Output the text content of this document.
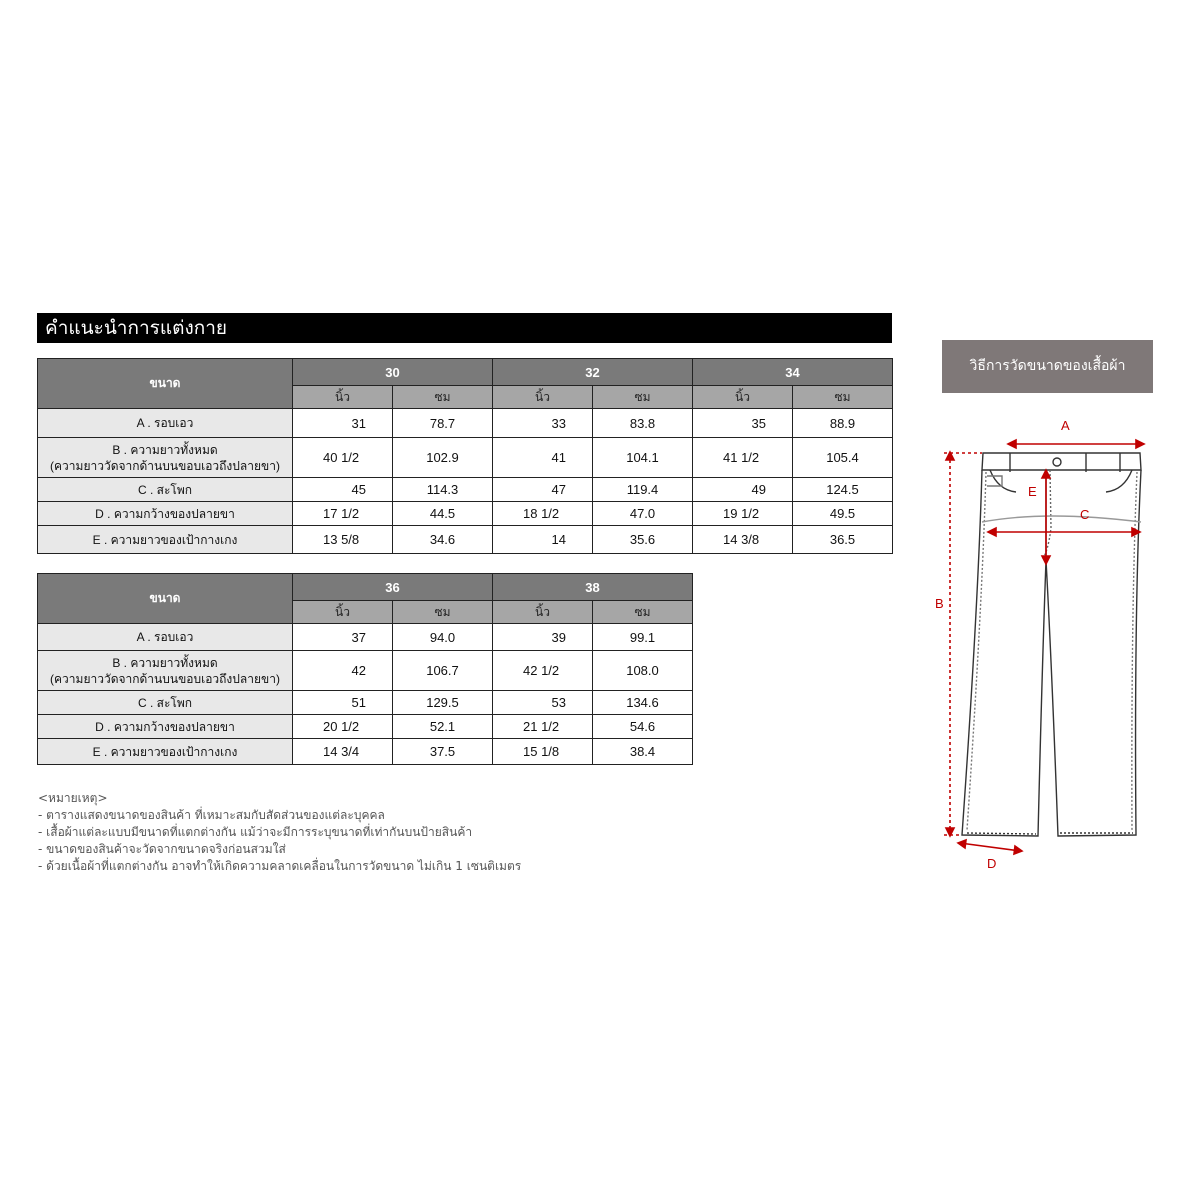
คำแนะนำการแต่งกาย
ขนาด	30		32		34	
	นิ้ว	ซม	นิ้ว	ซม	นิ้ว	ซม
A . รอบเอว	31	78.7	33	83.8	35	88.9

B . ความยาวทั้งหมด
(ความยาววัดจากด้านบนขอบเอวถึงปลายขา)	40 1/2	102.9	41	104.1	41 1/2	105.4
C . สะโพก	45	114.3	47	119.4	49	124.5
D . ความกว้างของปลายขา	17 1/2	44.5	18 1/2	47.0	19 1/2	49.5
E . ความยาวของเป้ากางเกง	13 5/8	34.6	14	35.6	14 3/8	36.5
ขนาด	36		38	
	นิ้ว	ซม	นิ้ว	ซม
A . รอบเอว	37	94.0	39	99.1

B . ความยาวทั้งหมด
(ความยาววัดจากด้านบนขอบเอวถึงปลายขา)	42	106.7	42 1/2	108.0
C . สะโพก	51	129.5	53	134.6
D . ความกว้างของปลายขา	20 1/2	52.1	21 1/2	54.6
E . ความยาวของเป้ากางเกง	14 3/4	37.5	15 1/8	38.4
<หมายเหตุ>
- ตารางแสดงขนาดของสินค้า ที่เหมาะสมกับสัดส่วนของแต่ละบุคคล
- เสื้อผ้าแต่ละแบบมีขนาดที่แตกต่างกัน แม้ว่าจะมีการระบุขนาดที่เท่ากันบนป้ายสินค้า
- ขนาดของสินค้าจะวัดจากขนาดจริงก่อนสวมใส่
- ด้วยเนื้อผ้าที่แตกต่างกัน อาจทำให้เกิดความคลาดเคลื่อนในการวัดขนาด ไม่เกิน 1 เซนติเมตร
วิธีการวัดขนาดของเสื้อผ้า
A
B
C
D
E
